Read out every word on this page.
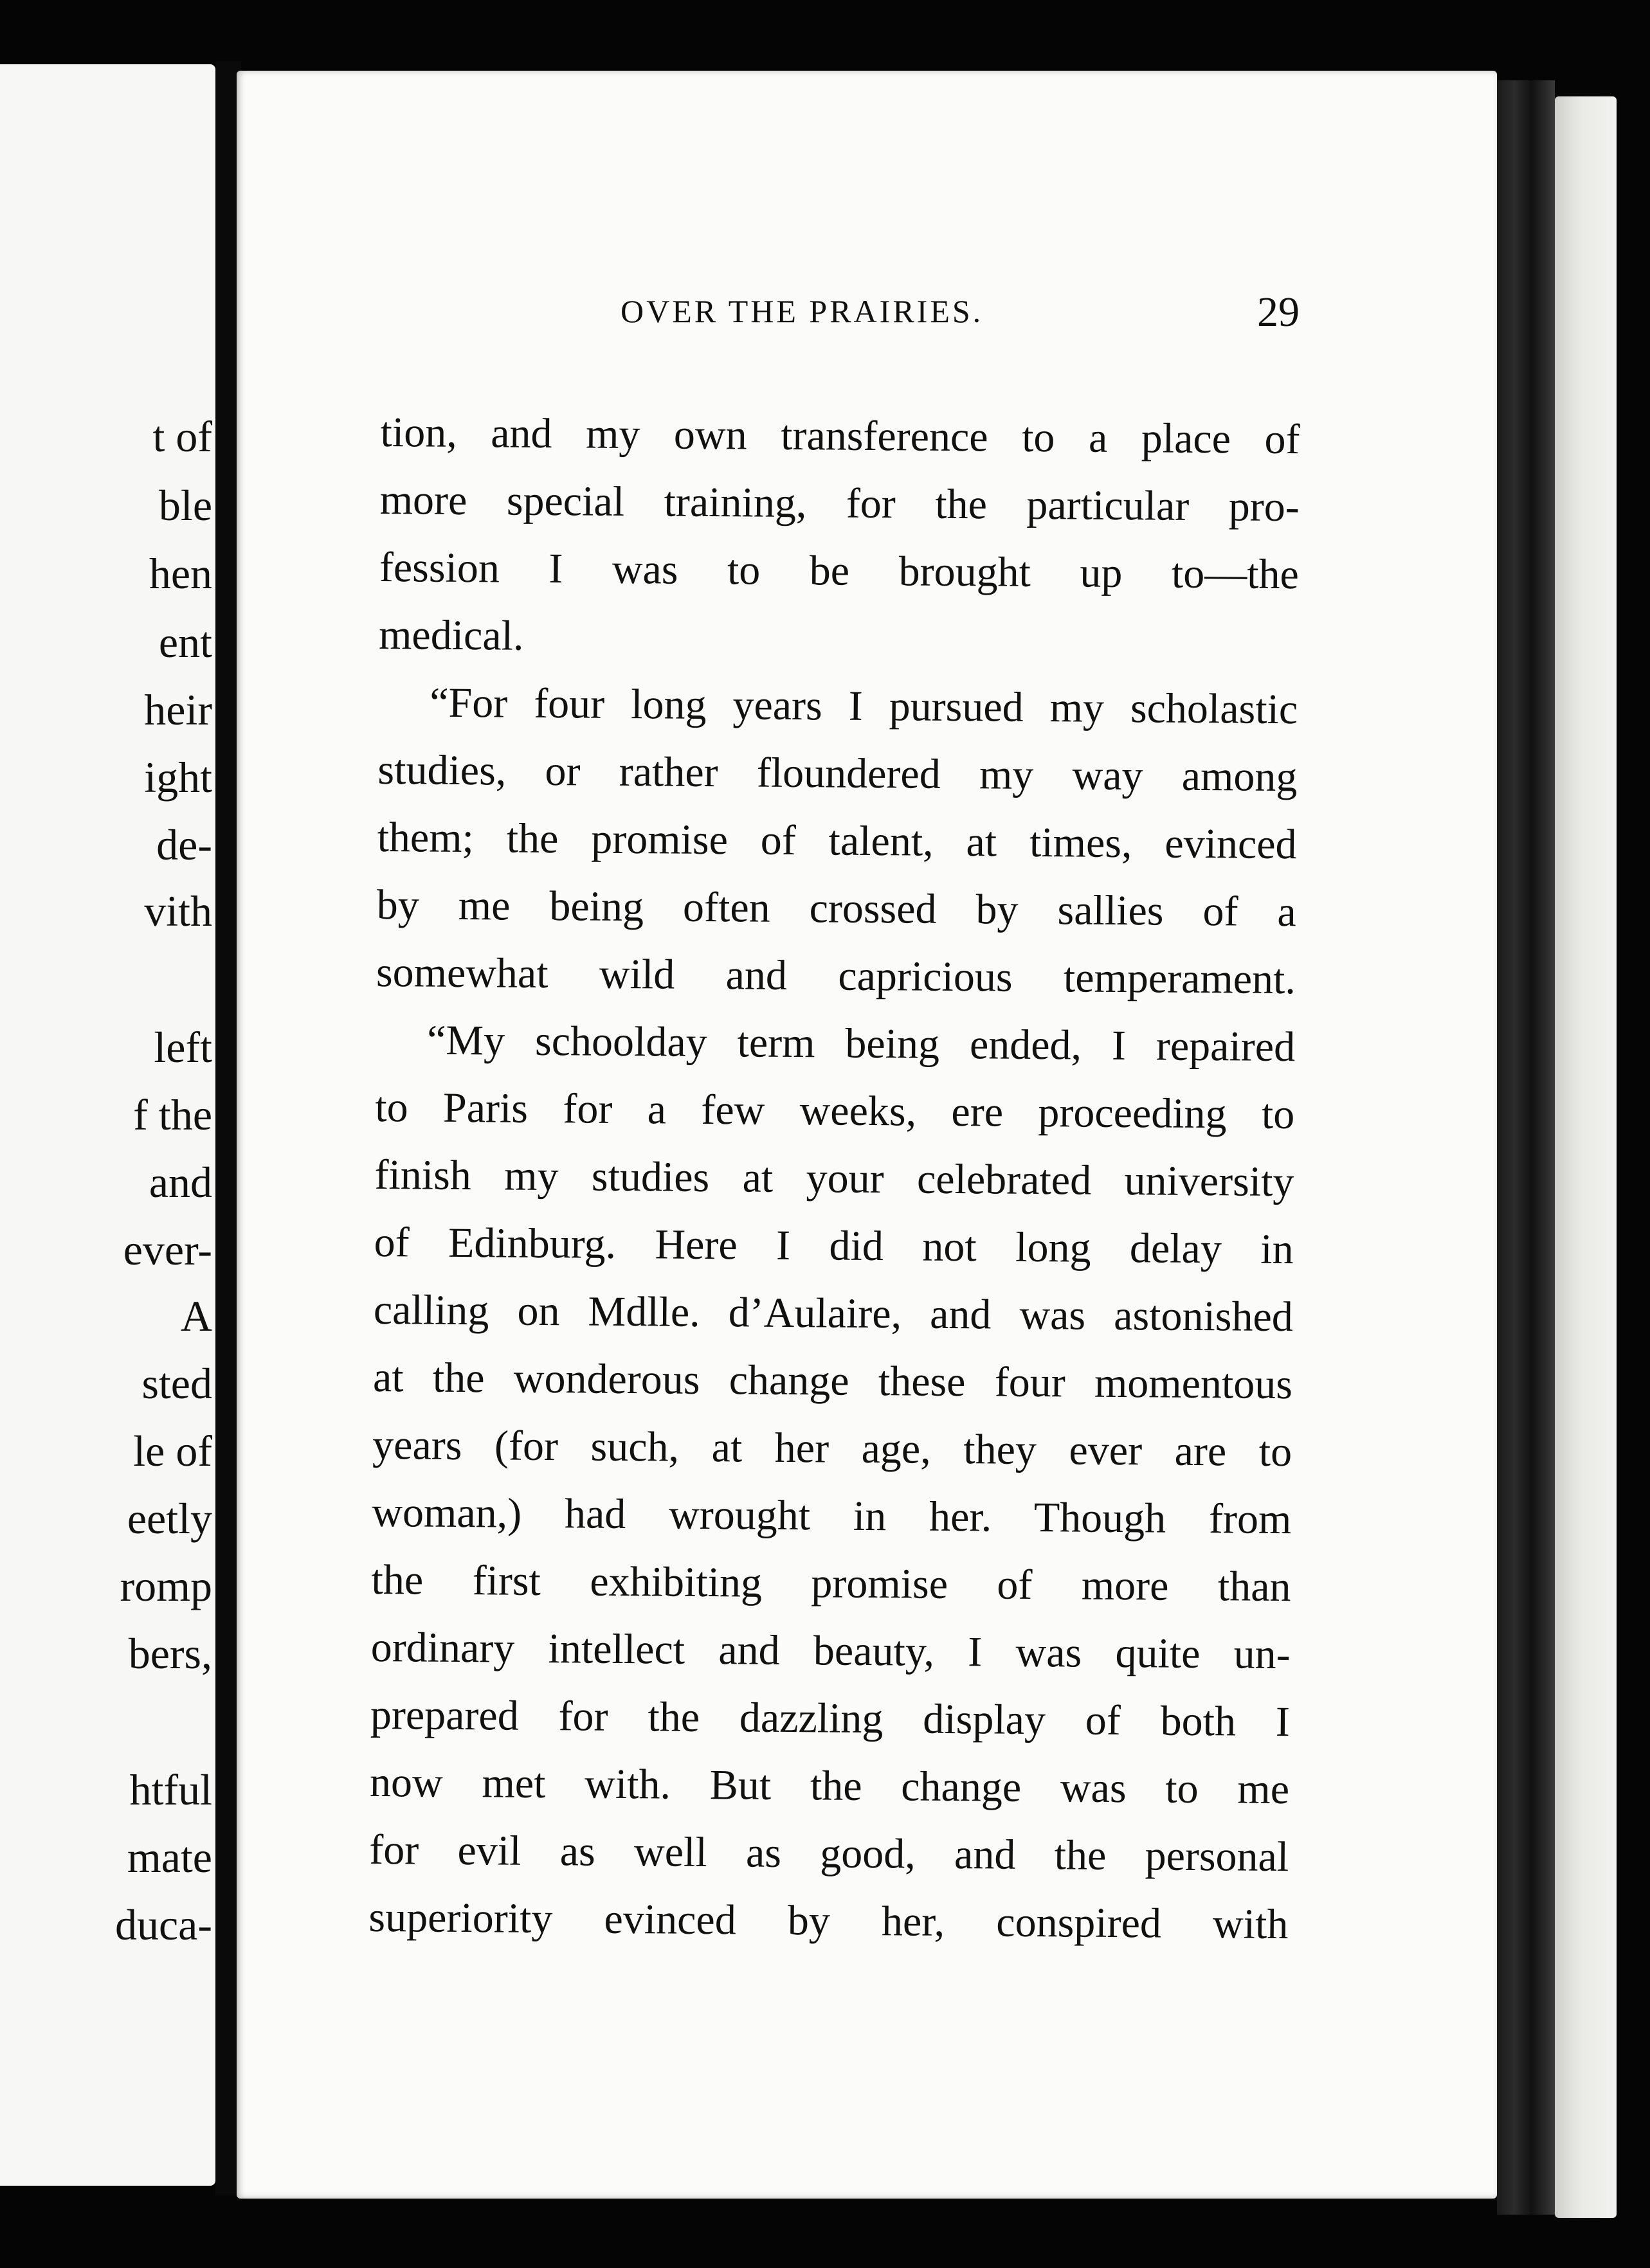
t of
ble
hen
ent
heir
ight
de-
vith
left
f the
and
ever-
A
sted
le of
eetly
romp
bers,
htful
mate
duca-
OVER THE PRAIRIES.	29
tion, and my own transference to a place of
more special training, for the particular pro-
fession I was to be brought up to—the
medical.
“For four long years I pursued my scholastic
studies, or rather floundered my way among
them; the promise of talent, at times, evinced
by me being often crossed by sallies of a
somewhat wild and capricious temperament.
“My schoolday term being ended, I repaired
to Paris for a few weeks, ere proceeding to
finish my studies at your celebrated university
of Edinburg. Here I did not long delay in
calling on Mdlle. d’Aulaire, and was astonished
at the wonderous change these four momentous
years (for such, at her age, they ever are to
woman,) had wrought in her. Though from
the first exhibiting promise of more than
ordinary intellect and beauty, I was quite un-
prepared for the dazzling display of both I
now met with. But the change was to me
for evil as well as good, and the personal
superiority evinced by her, conspired with
